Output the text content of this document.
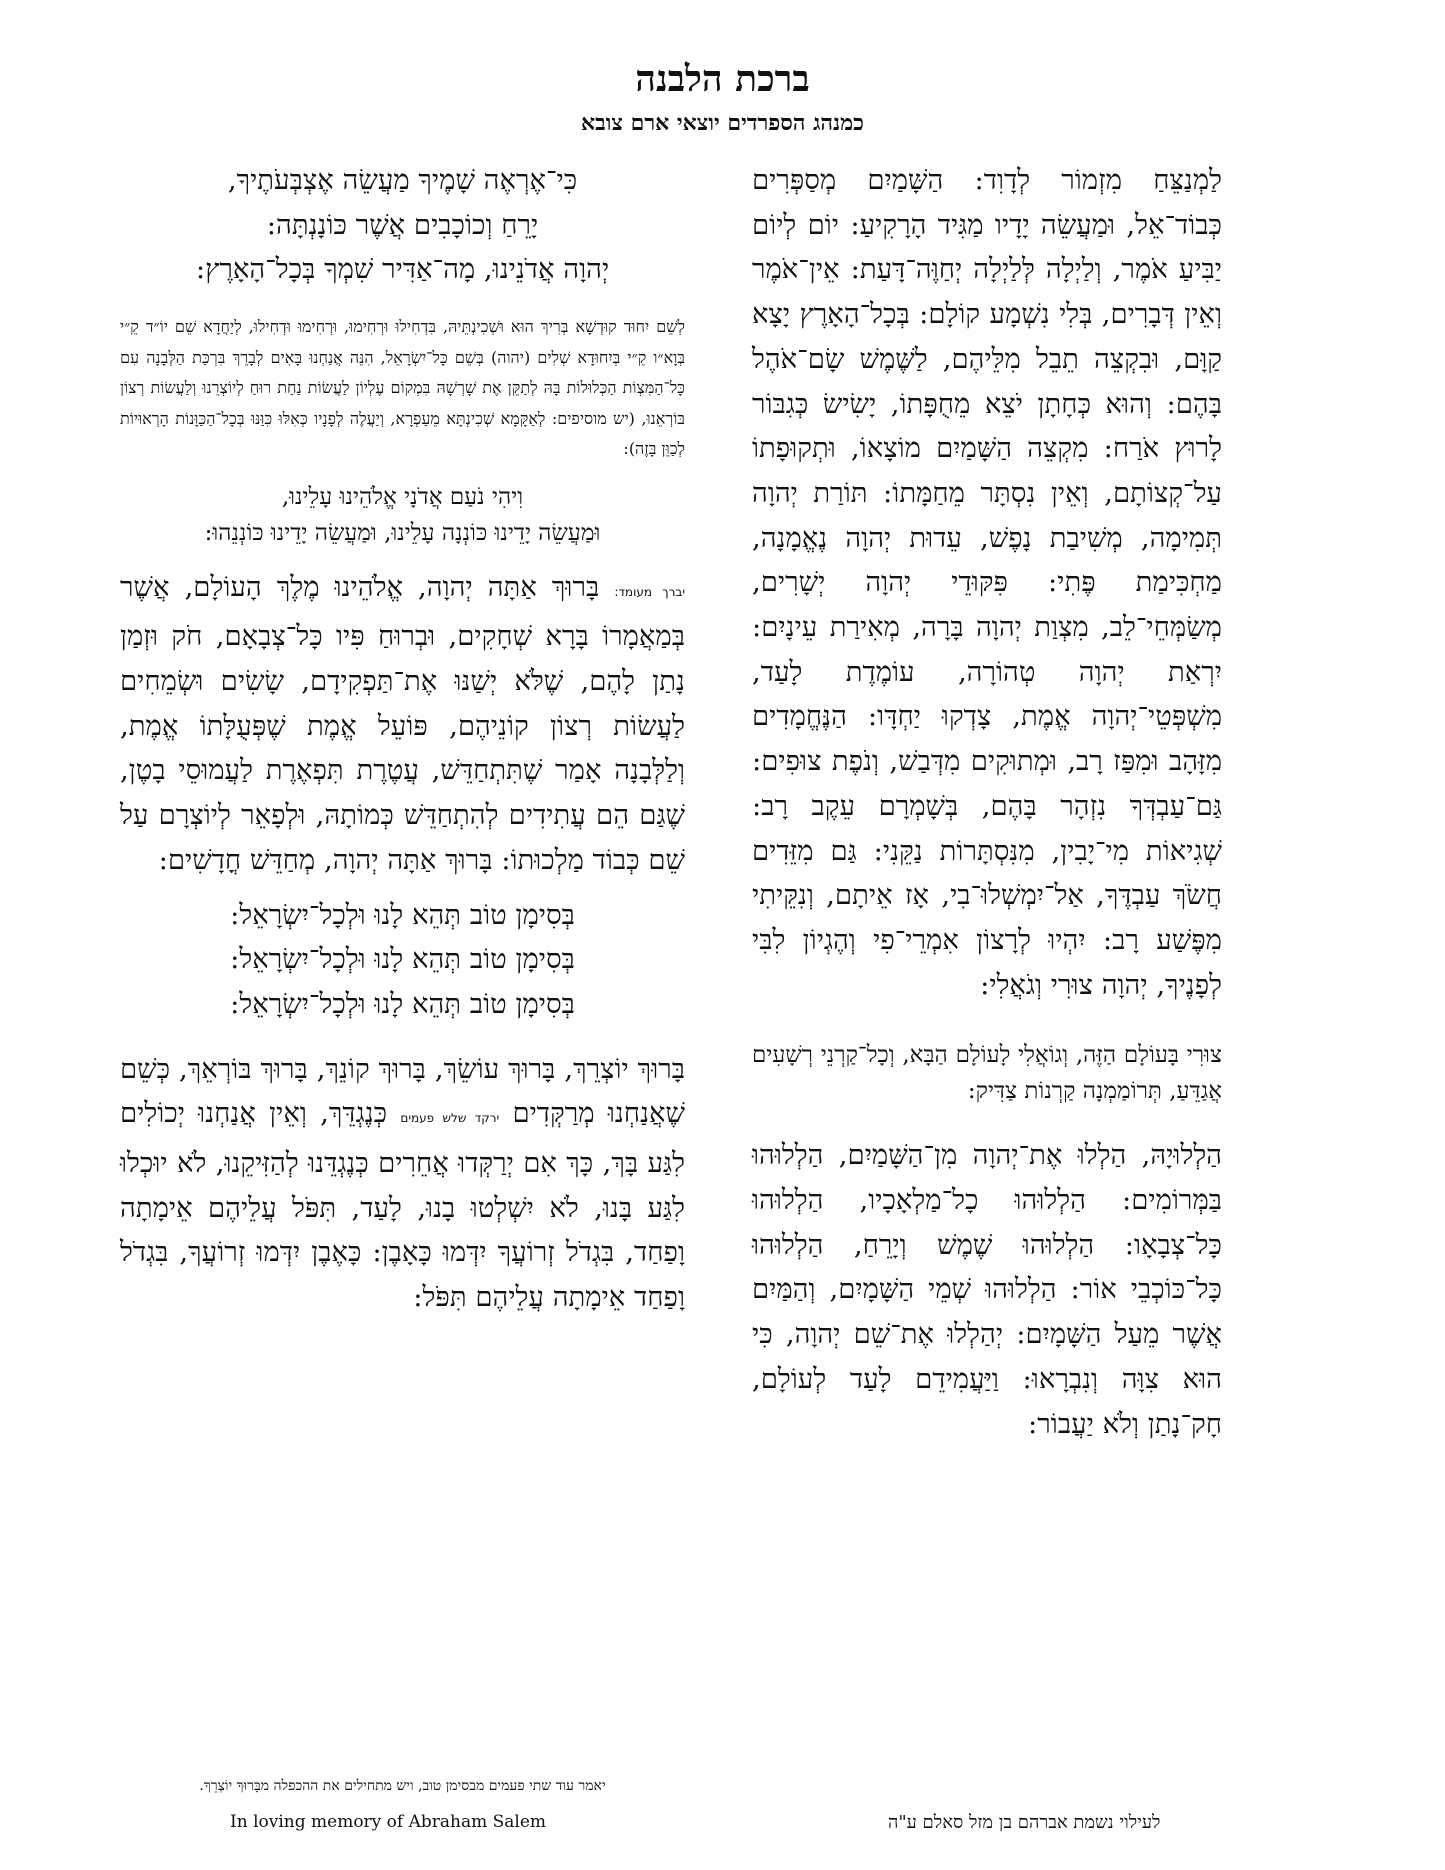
ברכת הלבנה
כמנהג הספרדים יוצאי ארם צובא

לַמְנַצֵּחַ מִזְמוֹר לְדָוִד: הַשָּׁמַיִם מְסַפְּרִים כְּבוֹד־אֵל, וּמַעֲשֵׂה יָדָיו מַגִּיד הָרָקִיעַ: יוֹם לְיוֹם יַבִּיעַ אֹמֶר, וְלַיְלָה לְּלַיְלָה יְחַוֶּה־דָּעַת: אֵין־אֹמֶר וְאֵין דְּבָרִים, בְּלִי נִשְׁמָע קוֹלָם: בְּכָל־הָאָרֶץ יָצָא קַוָּם, וּבִקְצֵה תֵבֵל מִלֵּיהֶם, לַשֶּׁמֶשׁ שָׂם־אֹהֶל בָּהֶם: וְהוּא כְּחָתָן יֹצֵא מֵחֻפָּתוֹ, יָשִׂישׂ כְּגִבּוֹר לָרוּץ אֹרַח: מִקְצֵה הַשָּׁמַיִם מוֹצָאוֹ, וּתְקוּפָתוֹ עַל־קְצוֹתָם, וְאֵין נִסְתָּר מֵחַמָּתוֹ: תּוֹרַת יְהוָה תְּמִימָה, מְשִׁיבַת נָפֶשׁ, עֵדוּת יְהוָה נֶאֱמָנָה, מַחְכִּימַת פֶּתִי: פִּקּוּדֵי יְהוָה יְשָׁרִים, מְשַׂמְּחֵי־לֵב, מִצְוַת יְהוָה בָּרָה, מְאִירַת עֵינָיִם: יִרְאַת יְהוָה טְהוֹרָה, עוֹמֶדֶת לָעַד, מִשְׁפְּטֵי־יְהוָה אֱמֶת, צָדְקוּ יַחְדָּו: הַנֶּחֱמָדִים מִזָּהָב וּמִפַּז רָב, וּמְתוּקִים מִדְּבַשׁ, וְנֹפֶת צוּפִים: גַּם־עַבְדְּךָ נִזְהָר בָּהֶם, בְּשָׁמְרָם עֵקֶב רָב: שְׁגִיאוֹת מִי־יָבִין, מִנִּסְתָּרוֹת נַקֵּנִי: גַּם מִזֵּדִים חֲשֹׂךְ עַבְדֶּךָ, אַל־יִמְשְׁלוּ־בִי, אָז אֵיתָם, וְנִקֵּיתִי מִפֶּשַׁע רָב: יִהְיוּ לְרָצוֹן אִמְרֵי־פִי וְהֶגְיוֹן לִבִּי לְפָנֶיךָ, יְהוָה צוּרִי וְגֹאֲלִי:

צוּרִי בָּעוֹלָם הַזֶּה, וְגוֹאֲלִי לָעוֹלָם הַבָּא, וְכָל־קַרְנֵי רְשָׁעִים אֲגַדֵּעַ, תְּרוֹמַמְנָה קַרְנוֹת צַדִּיק:

הַלְלוּיָהּ, הַלְלוּ אֶת־יְהוָה מִן־הַשָּׁמַיִם, הַלְלוּהוּ בַּמְּרוֹמִים: הַלְלוּהוּ כָל־מַלְאָכָיו, הַלְלוּהוּ כָּל־צְבָאָו: הַלְלוּהוּ שֶׁמֶשׁ וְיָרֵחַ, הַלְלוּהוּ כָּל־כּוֹכְבֵי אוֹר: הַלְלוּהוּ שְׁמֵי הַשָּׁמָיִם, וְהַמַּיִם אֲשֶׁר מֵעַל הַשָּׁמָיִם: יְהַלְלוּ אֶת־שֵׁם יְהוָה, כִּי הוּא צִוָּה וְנִבְרָאוּ: וַיַּעֲמִידֵם לָעַד לְעוֹלָם, חָק־נָתַן וְלֹא יַעֲבוֹר:

כִּי־אֶרְאֶה שָׁמֶיךָ מַעֲשֵׂה אֶצְבְּעֹתֶיךָ,

יָרֵחַ וְכוֹכָבִים אֲשֶׁר כּוֹנָנְתָּה:

יְהוָה אֲדֹנֵינוּ, מָה־אַדִּיר שִׁמְךָ בְּכָל־הָאָרֶץ:

לְשֵׁם יִחוּד קוּדְשָׁא בְּרִיךְ הוּא וּשְׁכִינְתֵּיהּ, בִּדְחִילוּ וּרְחִימוּ, וּרְחִימוּ וּדְחִילוּ, לְיַחֲדָא שֵׁם יוֹ״ד קֵ״י בְּוָא״ו קֵ״י בְּיִחוּדָא שְׁלִים (יהוה) בְּשֵׁם כָּל־יִשְׂרָאֵל, הִנֵּה אֲנַחְנוּ בָּאִים לְבָרֵךְ בִּרְכַּת הַלְּבָנָה עִם כָּל־הַמִּצְוֹת הַכְּלוּלוֹת בָּהּ לְתַקֵּן אֶת שָׁרְשָׁהּ בִּמְקוֹם עֶלְיוֹן לַעֲשׂוֹת נַחַת רוּחַ לְיוֹצְרֵנוּ וְלַעֲשׂוֹת רְצוֹן בּוֹרְאֵנוּ, (יש מוסיפים: לְאַקָּמָא שְׁכִינְתָּא מֵעַפְרָא, וְיַעֲלֶה לְפָנָיו כְּאִלּוּ כִּוַּנּוּ בְּכָל־הַכַּוָּנוֹת הָרְאוּיוֹת לְכַוֵּן בָּזֶה):

וִיהִי נֹעַם אֲדֹנָי אֱלֹהֵינוּ עָלֵינוּ,

וּמַעֲשֵׂה יָדֵינוּ כּוֹנְנָה עָלֵינוּ, וּמַעֲשֵׂה יָדֵינוּ כּוֹנְנֵהוּ:

יברך מעומד: בָּרוּךְ אַתָּה יְהוָה, אֱלֹהֵינוּ מֶלֶךְ הָעוֹלָם, אֲשֶׁר בְּמַאֲמָרוֹ בָּרָא שְׁחָקִים, וּבְרוּחַ פִּיו כָּל־צְבָאָם, חֹק וּזְמַן נָתַן לָהֶם, שֶׁלֹּא יְשַׁנּוּ אֶת־תַּפְקִידָם, שָׂשִׂים וּשְׂמֵחִים לַעֲשׂוֹת רְצוֹן קוֹנֵיהֶם, פּוֹעֵל אֱמֶת שֶׁפְּעֻלָּתוֹ אֱמֶת, וְלַלְּבָנָה אָמַר שֶׁתִּתְחַדֵּשׁ, עֲטֶרֶת תִּפְאֶרֶת לַעֲמוּסֵי בָטֶן, שֶׁגַּם הֵם עֲתִידִים לְהִתְחַדֵּשׁ כְּמוֹתָהּ, וּלְפָאֵר לְיוֹצְרָם עַל שֵׁם כְּבוֹד מַלְכוּתוֹ: בָּרוּךְ אַתָּה יְהוָה, מְחַדֵּשׁ חֳדָשִׁים:

בְּסִימָן טוֹב תְּהֵא לָנוּ וּלְכָל־יִשְׂרָאֵל:

בְּסִימָן טוֹב תְּהֵא לָנוּ וּלְכָל־יִשְׂרָאֵל:

בְּסִימָן טוֹב תְּהֵא לָנוּ וּלְכָל־יִשְׂרָאֵל:

בָּרוּךְ יוֹצְרֵךְ, בָּרוּךְ עוֹשֵׂךְ, בָּרוּךְ קוֹנֵךְ, בָּרוּךְ בּוֹרְאֵךְ, כְּשֵׁם שֶׁאֲנַחְנוּ מְרַקְּדִים ירקד שלש פעמים כְּנֶגְדֵּךְ, וְאֵין אֲנַחְנוּ יְכוֹלִים לִגַּע בָּךְ, כָּךְ אִם יְרַקְּדוּ אֲחֵרִים כְּנֶגְדֵּנוּ לְהַזִּיקֵנוּ, לֹא יוּכְלוּ לִגַּע בָּנוּ, לֹא יִשְׁלְטוּ בָנוּ, לָעַד, תִּפֹּל עֲלֵיהֶם אֵימָתָה וָפַחַד, בִּגְדֹל זְרוֹעֲךָ יִדְּמוּ כָּאָבֶן: כָּאֶבֶן יִדְּמוּ זְרוֹעֲךָ, בִּגְדֹל וָפַחַד אֵימָתָה עֲלֵיהֶם תִּפֹּל:

יאמר עוד שתי פעמים מבסימן טוב, ויש מתחילים את ההכפלה מבָּרוּךְ יוֹצְרֵךְ.
In loving memory of Abraham Salem	לעילוי נשמת אברהם בן מזל סאלם ע"ה
